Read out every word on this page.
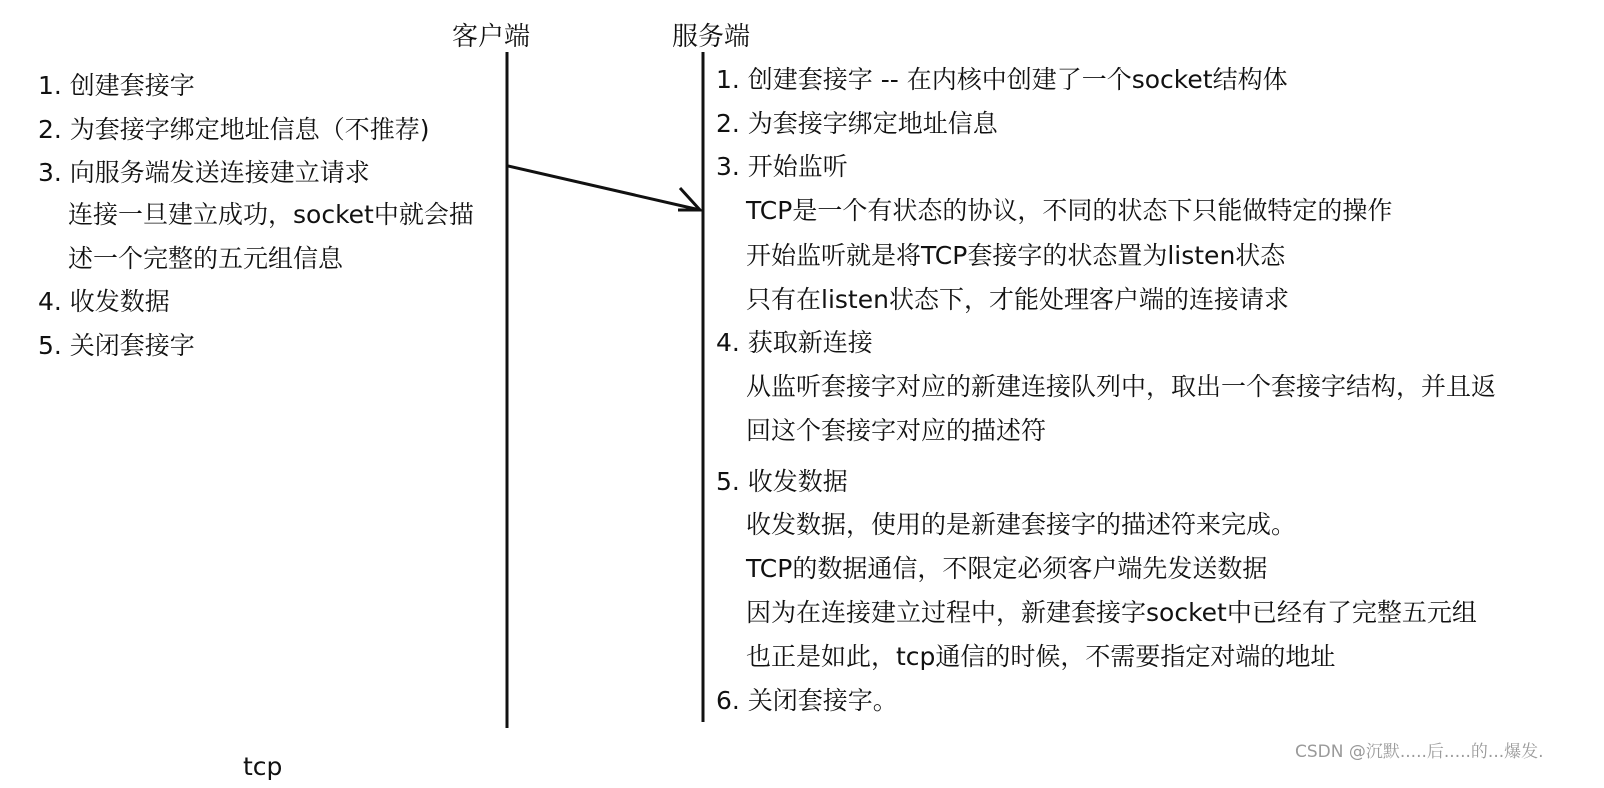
客户端	服务端
1. 创建套接字
2. 为套接字绑定地址信息（不推荐)
3. 向服务端发送连接建立请求
连接一旦建立成功，socket中就会描
述一个完整的五元组信息
4. 收发数据
5. 关闭套接字
1. 创建套接字 -- 在内核中创建了一个socket结构体
2. 为套接字绑定地址信息
3. 开始监听
TCP是一个有状态的协议，不同的状态下只能做特定的操作
开始监听就是将TCP套接字的状态置为listen状态
只有在listen状态下，才能处理客户端的连接请求
4. 获取新连接
从监听套接字对应的新建连接队列中，取出一个套接字结构，并且返
回这个套接字对应的描述符
5. 收发数据
收发数据，使用的是新建套接字的描述符来完成。
TCP的数据通信，不限定必须客户端先发送数据
因为在连接建立过程中，新建套接字socket中已经有了完整五元组
也正是如此，tcp通信的时候，不需要指定对端的地址
6. 关闭套接字。
tcp	CSDN @沉默.....后.....的...爆发.
